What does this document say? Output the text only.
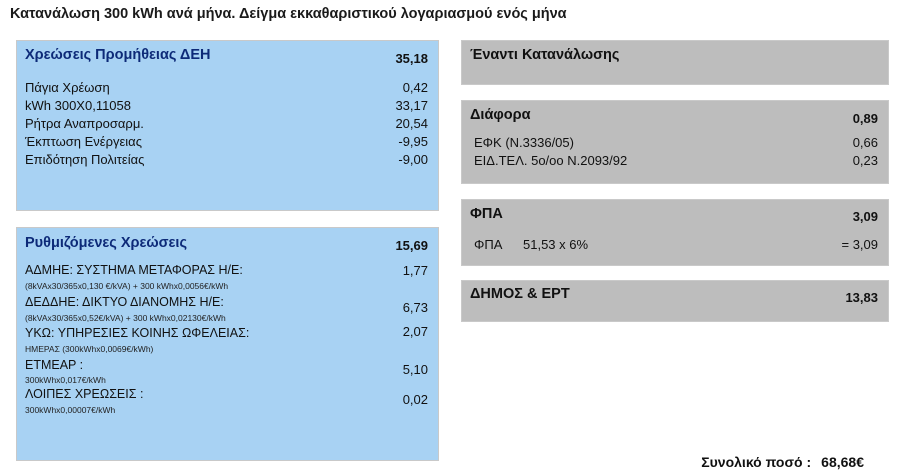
Κατανάλωση 300 kWh ανά μήνα. Δείγμα εκκαθαριστικού λογαριασμού ενός μήνα
Χρεώσεις Προμήθειας ΔΕΗ	35,18
Πάγια Χρέωση	0,42
kWh 300X0,11058	33,17
Ρήτρα Αναπροσαρμ.	20,54
Έκπτωση Ενέργειας	-9,95
Επιδότηση Πολιτείας	-9,00
Ρυθμιζόμενες Χρεώσεις	15,69
ΑΔΜΗΕ: ΣΥΣΤΗΜΑ ΜΕΤΑΦΟΡΑΣ Η/Ε:	1,77
(8kVAx30/365x0,130 €/kVA) + 300 kWhx0,0056€/kWh
ΔΕΔΔΗΕ: ΔΙΚΤΥΟ ΔΙΑΝΟΜΗΣ Η/Ε:	6,73
(8kVAx30/365x0,52€/kVA) + 300 kWhx0,02130€/kWh
ΥΚΩ: ΥΠΗΡΕΣΙΕΣ ΚΟΙΝΗΣ ΩΦΕΛΕΙΑΣ:	2,07
ΗΜΕΡΑΣ (300kWhx0,0069€/kWh)
ΕΤΜΕΑΡ :	5,10
300kWhx0,017€/kWh
ΛΟΙΠΕΣ ΧΡΕΩΣΕΙΣ :	0,02
300kWhx0,00007€/kWh
Έναντι Κατανάλωσης
Διάφορα	0,89
ΕΦΚ (Ν.3336/05)	0,66
ΕΙΔ.ΤΕΛ. 5ο/οο Ν.2093/92	0,23
ΦΠΑ	3,09
ΦΠΑ 51,53 x 6%	= 3,09
ΔΗΜΟΣ & ΕΡΤ	13,83
Συνολικό ποσό : 68,68€
